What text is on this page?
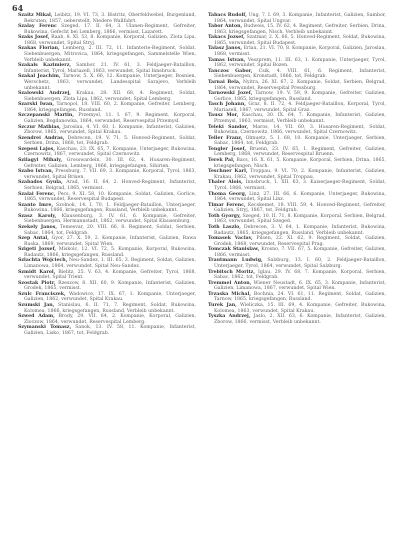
64

Szaitz Mikal, Leibitz, 19. VI. 73, 3. Bistritz, Oberfeldwebel, Burgenland, Rekruten, 1857, ueberstellt, Niedere Wallfahrt.

Szalay Ferenc Szeged, 17. II. 64, 3. Ulanen-Regiment, Gefreiter, Bukowina, Gefecht bei Lemberg, 1866, vermisst, Lazarett.

Szaks Josef, Raab, 8. XI. 53, 8. Kompanie, Korporal, Galizien, Zlota Lipa, 1868, verwundet, Spital Stryj.

Szakas Florian, Lemberg, 2. III. 72, 11. Infanterie-Regiment, Soldat, Siebenbuergen, Mitrovica, 1864, kriegsgefangen, Sammelstelle Wien, Verbleib unbekannt.

Szakals Kazimierz, Sambor, 21. IV. 61, 3. Feldjaeger-Bataillon, Infanterist, Tyrol, Mariazell, 1863, verwundet, Spital Innsbruck.

Szakal Joachim, Tarnow, 5. X. 66, 12. Kompanie, Unterjaeger, Bosnien, Werschetz, 1863, verwundet, Landesspital Sarajevo, Verbleib unbekannt.

Szalowski Andrzej, Krakau, 28. XII. 68, 4. Regiment, Soldat, Siebenbuergen, Zlota Lipa, 1862, verwundet, Spital Lemberg.

Szarski Iwan, Tarnopol, 18. VIII. 60, 2. Kompanie, Gefreiter, Lemberg, 1864, kriegsgefangen, Russland.

Szczepanski Martin, Przemysl, 11. I. 67, 9. Regiment, Korporal, Galizien, Bogdanowka, 1864, verwundet, Reservespital Przemysl.

Szczur Mathias, Jaroslau, 4. VI. 60, 1. Kompanie, Infanterist, Galizien, Zborow, 1865, verwundet, Spital Krakau.

Szendrei Andras, Debrecen, 19. V. 71, 5. Honved-Regiment, Soldat, Serbien, Drina, 1868, tot, Feldgrab.

Szepesi Lajos, Kaschau, 23. IX. 65, 7. Kompanie, Unterjaeger, Bukowina, Czernowitz, 1867, verwundet, Spital Czernowitz.

Szilagyi Mihaly, Grosswardein, 30. III. 62, 4. Husaren-Regiment, Gefreiter, Galizien, Lemberg, 1866, kriegsgefangen, Sibirien.

Szabo Istvan, Pressburg, 7. VII. 69, 3. Kompanie, Korporal, Tyrol, 1863, verwundet, Spital Brixen.

Szabados Gyula, Arad, 16. II. 64, 2. Honved-Regiment, Infanterist, Serbien, Belgrad, 1865, vermisst.

Szalai Ferenc, Pecs, 9. XI. 58, 10. Kompanie, Soldat, Galizien, Gorlice, 1865, verwundet, Reservespital Budapest.

Szanto Imre, Szolnok, 14. I. 70, 1. Feldjaeger-Bataillon, Unterjaeger, Bukowina, 1866, kriegsgefangen, Russland, Verbleib unbekannt.

Szasz Karoly, Klausenburg, 3. IV. 61, 6. Kompanie, Gefreiter, Siebenbuergen, Hermannstadt, 1862, verwundet, Spital Klausenburg.

Szekely Janos, Temesvar, 20. VIII. 66, 8. Regiment, Soldat, Serbien, Sabac, 1864, tot, Feldgrab.

Szep Antal, Gyor, 27. X. 59, 2. Kompanie, Infanterist, Galizien, Rawa Ruska, 1869, verwundet, Spital Wien.

Szigeti Jozsef, Miskolc, 12. VI. 72, 5. Kompanie, Korporal, Bukowina, Radautz, 1866, kriegsgefangen, Russland.

Szlachta Wojciech, Neu-Sandez, 1. III. 65, 3. Regiment, Soldat, Galizien, Limanowa, 1864, verwundet, Spital Neu-Sandez.

Szmidt Karol, Bielitz, 25. V. 63, 4. Kompanie, Gefreiter, Tyrol, 1868, verwundet, Spital Trient.

Szostak Piotr, Rzeszow, 8. XII. 60, 9. Kompanie, Infanterist, Galizien, Grodek, 1865, vermisst.

Szulc Franciszek, Wadowice, 17. IX. 67, 1. Kompanie, Unterjaeger, Galizien, 1862, verwundet, Spital Krakau.

Szumski Jan, Stanislau, 6. II. 71, 7. Regiment, Soldat, Bukowina, Kolomea, 1866, kriegsgefangen, Russland, Verbleib unbekannt.

Szwed Adam, Brody, 29. VII. 64, 2. Kompanie, Korporal, Galizien, Zloczow, 1864, verwundet, Reservespital Lemberg.

Szymanski Tomasz, Sanok, 13. IV. 58, 11. Kompanie, Infanterist, Galizien, Lisko, 1867, tot, Feldgrab.

Tabacs Rudolf, Ung, 7. I. 69, 3. Kompanie, Infanterist, Galizien, Sambor, 1864, verwundet, Spital Ungvar.

Tabor Anton, Budweis, 15. IV. 62, 4. Regiment, Gefreiter, Serbien, Drina, 1863, kriegsgefangen, Nisch, Verbleib unbekannt.

Takacs Jozsef, Szatmar, 2. X. 66, 5. Honved-Regiment, Soldat, Bukowina, 1865, verwundet, Spital Budapest.

Talasz Janos, Erlau, 21. VI. 70, 8. Kompanie, Korporal, Galizien, Jaroslau, 1868, vermisst.

Tamas Istvan, Veszprem, 11. III. 63, 1. Kompanie, Unterjaeger, Tyrol, 1862, verwundet, Spital Bozen.

Tanczos Gabor, Csik, 4. VIII. 61, 6. Regiment, Infanterist, Siebenbuergen, Kronstadt, 1866, tot, Feldgrab.

Tarnai Bela, Nyitra, 26. XI. 67, 2. Kompanie, Soldat, Serbien, Belgrad, 1864, verwundet, Reservespital Pressburg.

Tarnowski Jozef, Tarnow, 19. V. 59, 9. Kompanie, Gefreiter, Galizien, Gorlice, 1865, kriegsgefangen, Russland.

Tasch Johann, Graz, 8. II. 72, 4. Feldjaeger-Bataillon, Korporal, Tyrol, Mariazell, 1867, verwundet, Spital Graz.

Tausz Mor, Kaschau, 30. IX. 64, 7. Kompanie, Infanterist, Galizien, Przemysl, 1863, vermisst, Verbleib unbekannt.

Teleki Sandor, Maros, 14. VII. 60, 3. Husaren-Regiment, Soldat, Bukowina, Czernowitz, 1866, verwundet, Spital Czernowitz.

Teller Franz, Olmuetz, 5. I. 68, 10. Kompanie, Unterjaeger, Serbien, Sabac, 1864, tot, Feldgrab.

Tengler Josef, Bruenn, 23. IV. 65, 1. Regiment, Gefreiter, Galizien, Lemberg, 1868, verwundet, Reservespital Bruenn.

Terek Pal, Bacs, 16. X. 61, 5. Kompanie, Korporal, Serbien, Drina, 1865, kriegsgefangen, Nisch.

Teschner Karl, Troppau, 9. VI. 70, 2. Kompanie, Infanterist, Galizien, Krakau, 1862, verwundet, Spital Troppau.

Thaler Alois, Innsbruck, 1. XII. 63, 3. Kaiserjaeger-Regiment, Soldat, Tyrol, 1866, vermisst.

Thoma Georg, Linz, 27. III. 66, 6. Kompanie, Unterjaeger, Bukowina, 1864, verwundet, Spital Linz.

Timar Ferenc, Kecskemet, 18. VIII. 59, 4. Honved-Regiment, Gefreiter, Galizien, Stryj, 1867, tot, Feldgrab.

Toth Gyorgy, Szeged, 10. II. 71, 8. Kompanie, Korporal, Serbien, Belgrad, 1863, verwundet, Spital Szeged.

Toth Laszlo, Debrecen, 3. V. 64, 1. Kompanie, Infanterist, Bukowina, Radautz, 1865, kriegsgefangen, Russland, Verbleib unbekannt.

Tomasek Vaclav, Pilsen, 22. XI. 62, 9. Regiment, Soldat, Galizien, Grodek, 1868, verwundet, Reservespital Prag.

Tomczak Stanislaw, Krosno, 7. VII. 67, 5. Kompanie, Gefreiter, Galizien, 1866, vermisst.

Trautmann Ludwig, Salzburg, 13. I. 60, 2. Feldjaeger-Bataillon, Unterjaeger, Tyrol, 1864, verwundet, Spital Salzburg.

Trebitsch Moritz, Iglau, 29. IV. 68, 7. Kompanie, Korporal, Serbien, Sabac, 1862, tot, Feldgrab.

Tremmel Anton, Wiener Neustadt, 6. IX. 65, 3. Kompanie, Infanterist, Galizien, Limanowa, 1867, verwundet, Spital Wien.

Trzaska Michal, Bochnia, 24. VI. 61, 11. Regiment, Soldat, Galizien, Tarnow, 1865, kriegsgefangen, Russland.

Turek Jan, Wieliczka, 15. III. 69, 4. Kompanie, Gefreiter, Bukowina, Kolomea, 1863, verwundet, Spital Krakau.

Tyszka Andrzej, Jaslo, 2. XII. 63, 6. Kompanie, Infanterist, Galizien, Zborow, 1866, vermisst, Verbleib unbekannt.
